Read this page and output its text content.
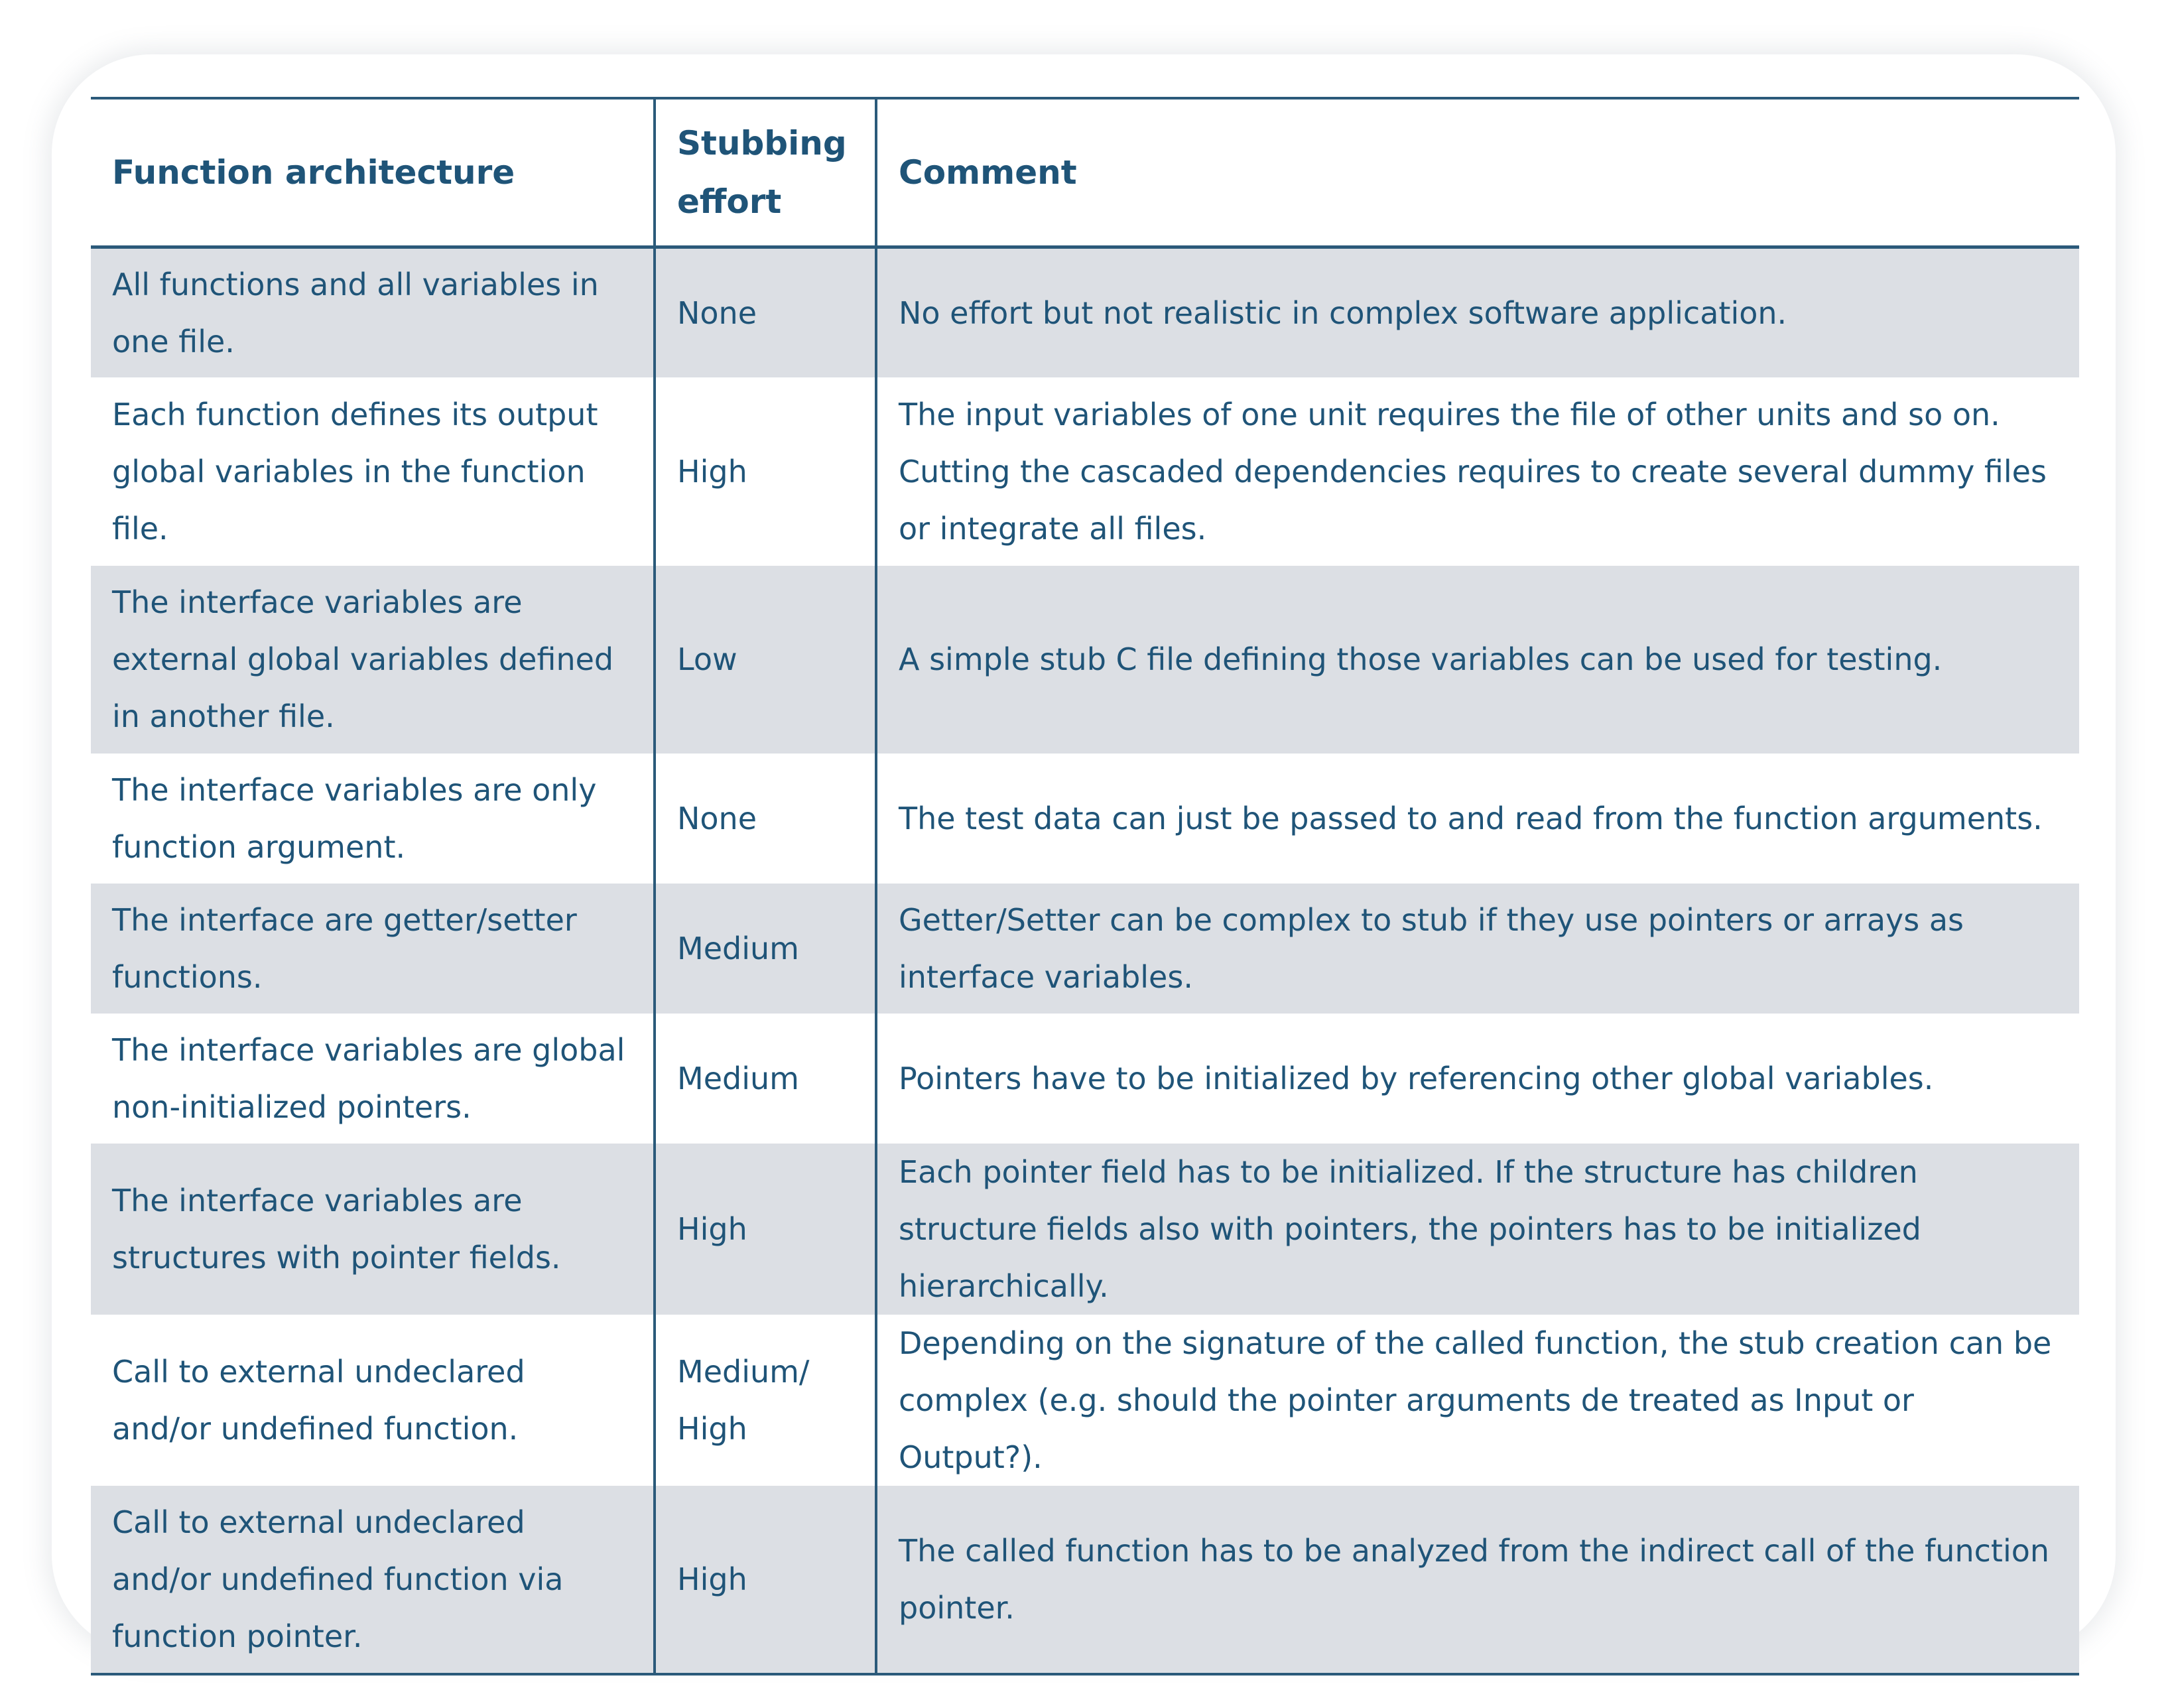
Function architecture	Stubbing effort	Comment
All functions and all variables in one file.	None	No effort but not realistic in complex software application.
Each function defines its output global variables in the function file.	High	The input variables of one unit requires the file of other units and so on. Cutting the cascaded dependencies requires to create several dummy files or integrate all files.
The interface variables are external global variables defined in another file.	Low	A simple stub C file defining those variables can be used for testing.
The interface variables are only function argument.	None	The test data can just be passed to and read from the function arguments.
The interface are getter/setter functions.	Medium	Getter/Setter can be complex to stub if they use pointers or arrays as interface variables.
The interface variables are global non-initialized pointers.	Medium	Pointers have to be initialized by referencing other global variables.
The interface variables are structures with pointer fields.	High	Each pointer field has to be initialized. If the structure has children structure fields also with pointers, the pointers has to be initialized hierarchically.
Call to external undeclared and/or undefined function.	Medium/ High	Depending on the signature of the called function, the stub creation can be complex (e.g. should the pointer arguments de treated as Input or Output?).
Call to external undeclared and/or undefined function via function pointer.	High	The called function has to be analyzed from the indirect call of the function pointer.
